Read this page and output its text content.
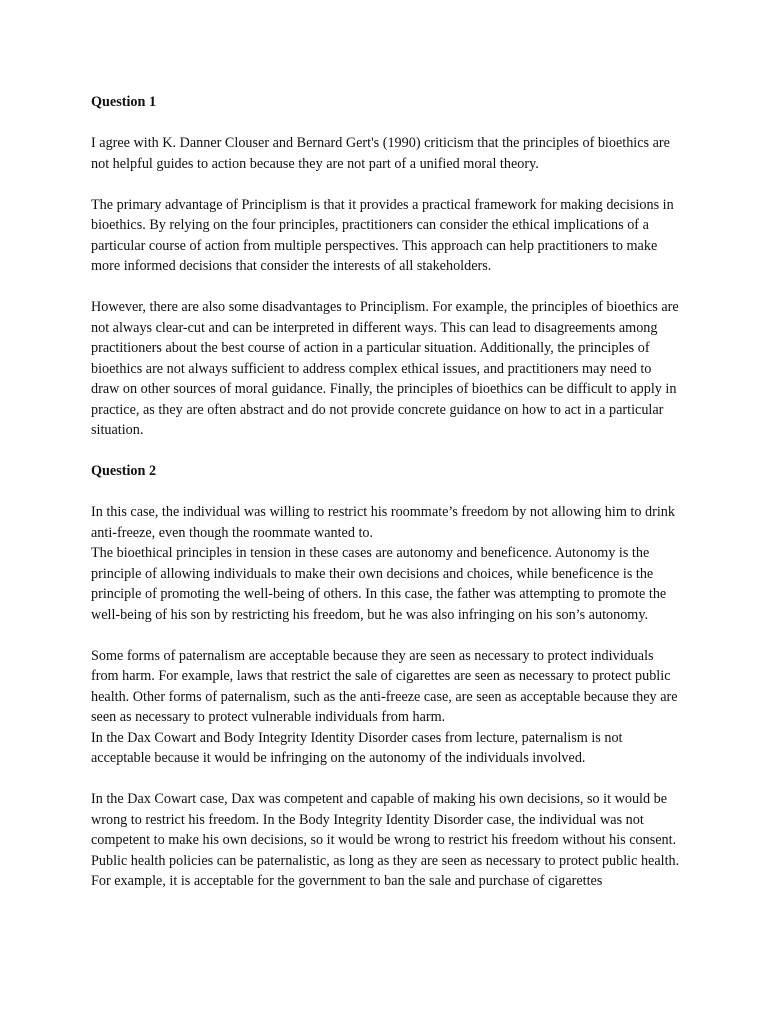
Question 1

I agree with K. Danner Clouser and Bernard Gert's (1990) criticism that the principles of bioethics are not helpful guides to action because they are not part of a unified moral theory.

The primary advantage of Principlism is that it provides a practical framework for making decisions in bioethics. By relying on the four principles, practitioners can consider the ethical implications of a particular course of action from multiple perspectives. This approach can help practitioners to make more informed decisions that consider the interests of all stakeholders.

However, there are also some disadvantages to Principlism. For example, the principles of bioethics are not always clear-cut and can be interpreted in different ways. This can lead to disagreements among practitioners about the best course of action in a particular situation. Additionally, the principles of bioethics are not always sufficient to address complex ethical issues, and practitioners may need to draw on other sources of moral guidance. Finally, the principles of bioethics can be difficult to apply in practice, as they are often abstract and do not provide concrete guidance on how to act in a particular situation.

Question 2

In this case, the individual was willing to restrict his roommate’s freedom by not allowing him to drink anti-freeze, even though the roommate wanted to.

The bioethical principles in tension in these cases are autonomy and beneficence. Autonomy is the principle of allowing individuals to make their own decisions and choices, while beneficence is the principle of promoting the well-being of others. In this case, the father was attempting to promote the well-being of his son by restricting his freedom, but he was also infringing on his son’s autonomy.

Some forms of paternalism are acceptable because they are seen as necessary to protect individuals from harm. For example, laws that restrict the sale of cigarettes are seen as necessary to protect public health. Other forms of paternalism, such as the anti-freeze case, are seen as acceptable because they are seen as necessary to protect vulnerable individuals from harm.

In the Dax Cowart and Body Integrity Identity Disorder cases from lecture, paternalism is not acceptable because it would be infringing on the autonomy of the individuals involved.

In the Dax Cowart case, Dax was competent and capable of making his own decisions, so it would be wrong to restrict his freedom. In the Body Integrity Identity Disorder case, the individual was not competent to make his own decisions, so it would be wrong to restrict his freedom without his consent.

Public health policies can be paternalistic, as long as they are seen as necessary to protect public health. For example, it is acceptable for the government to ban the sale and purchase of cigarettes
